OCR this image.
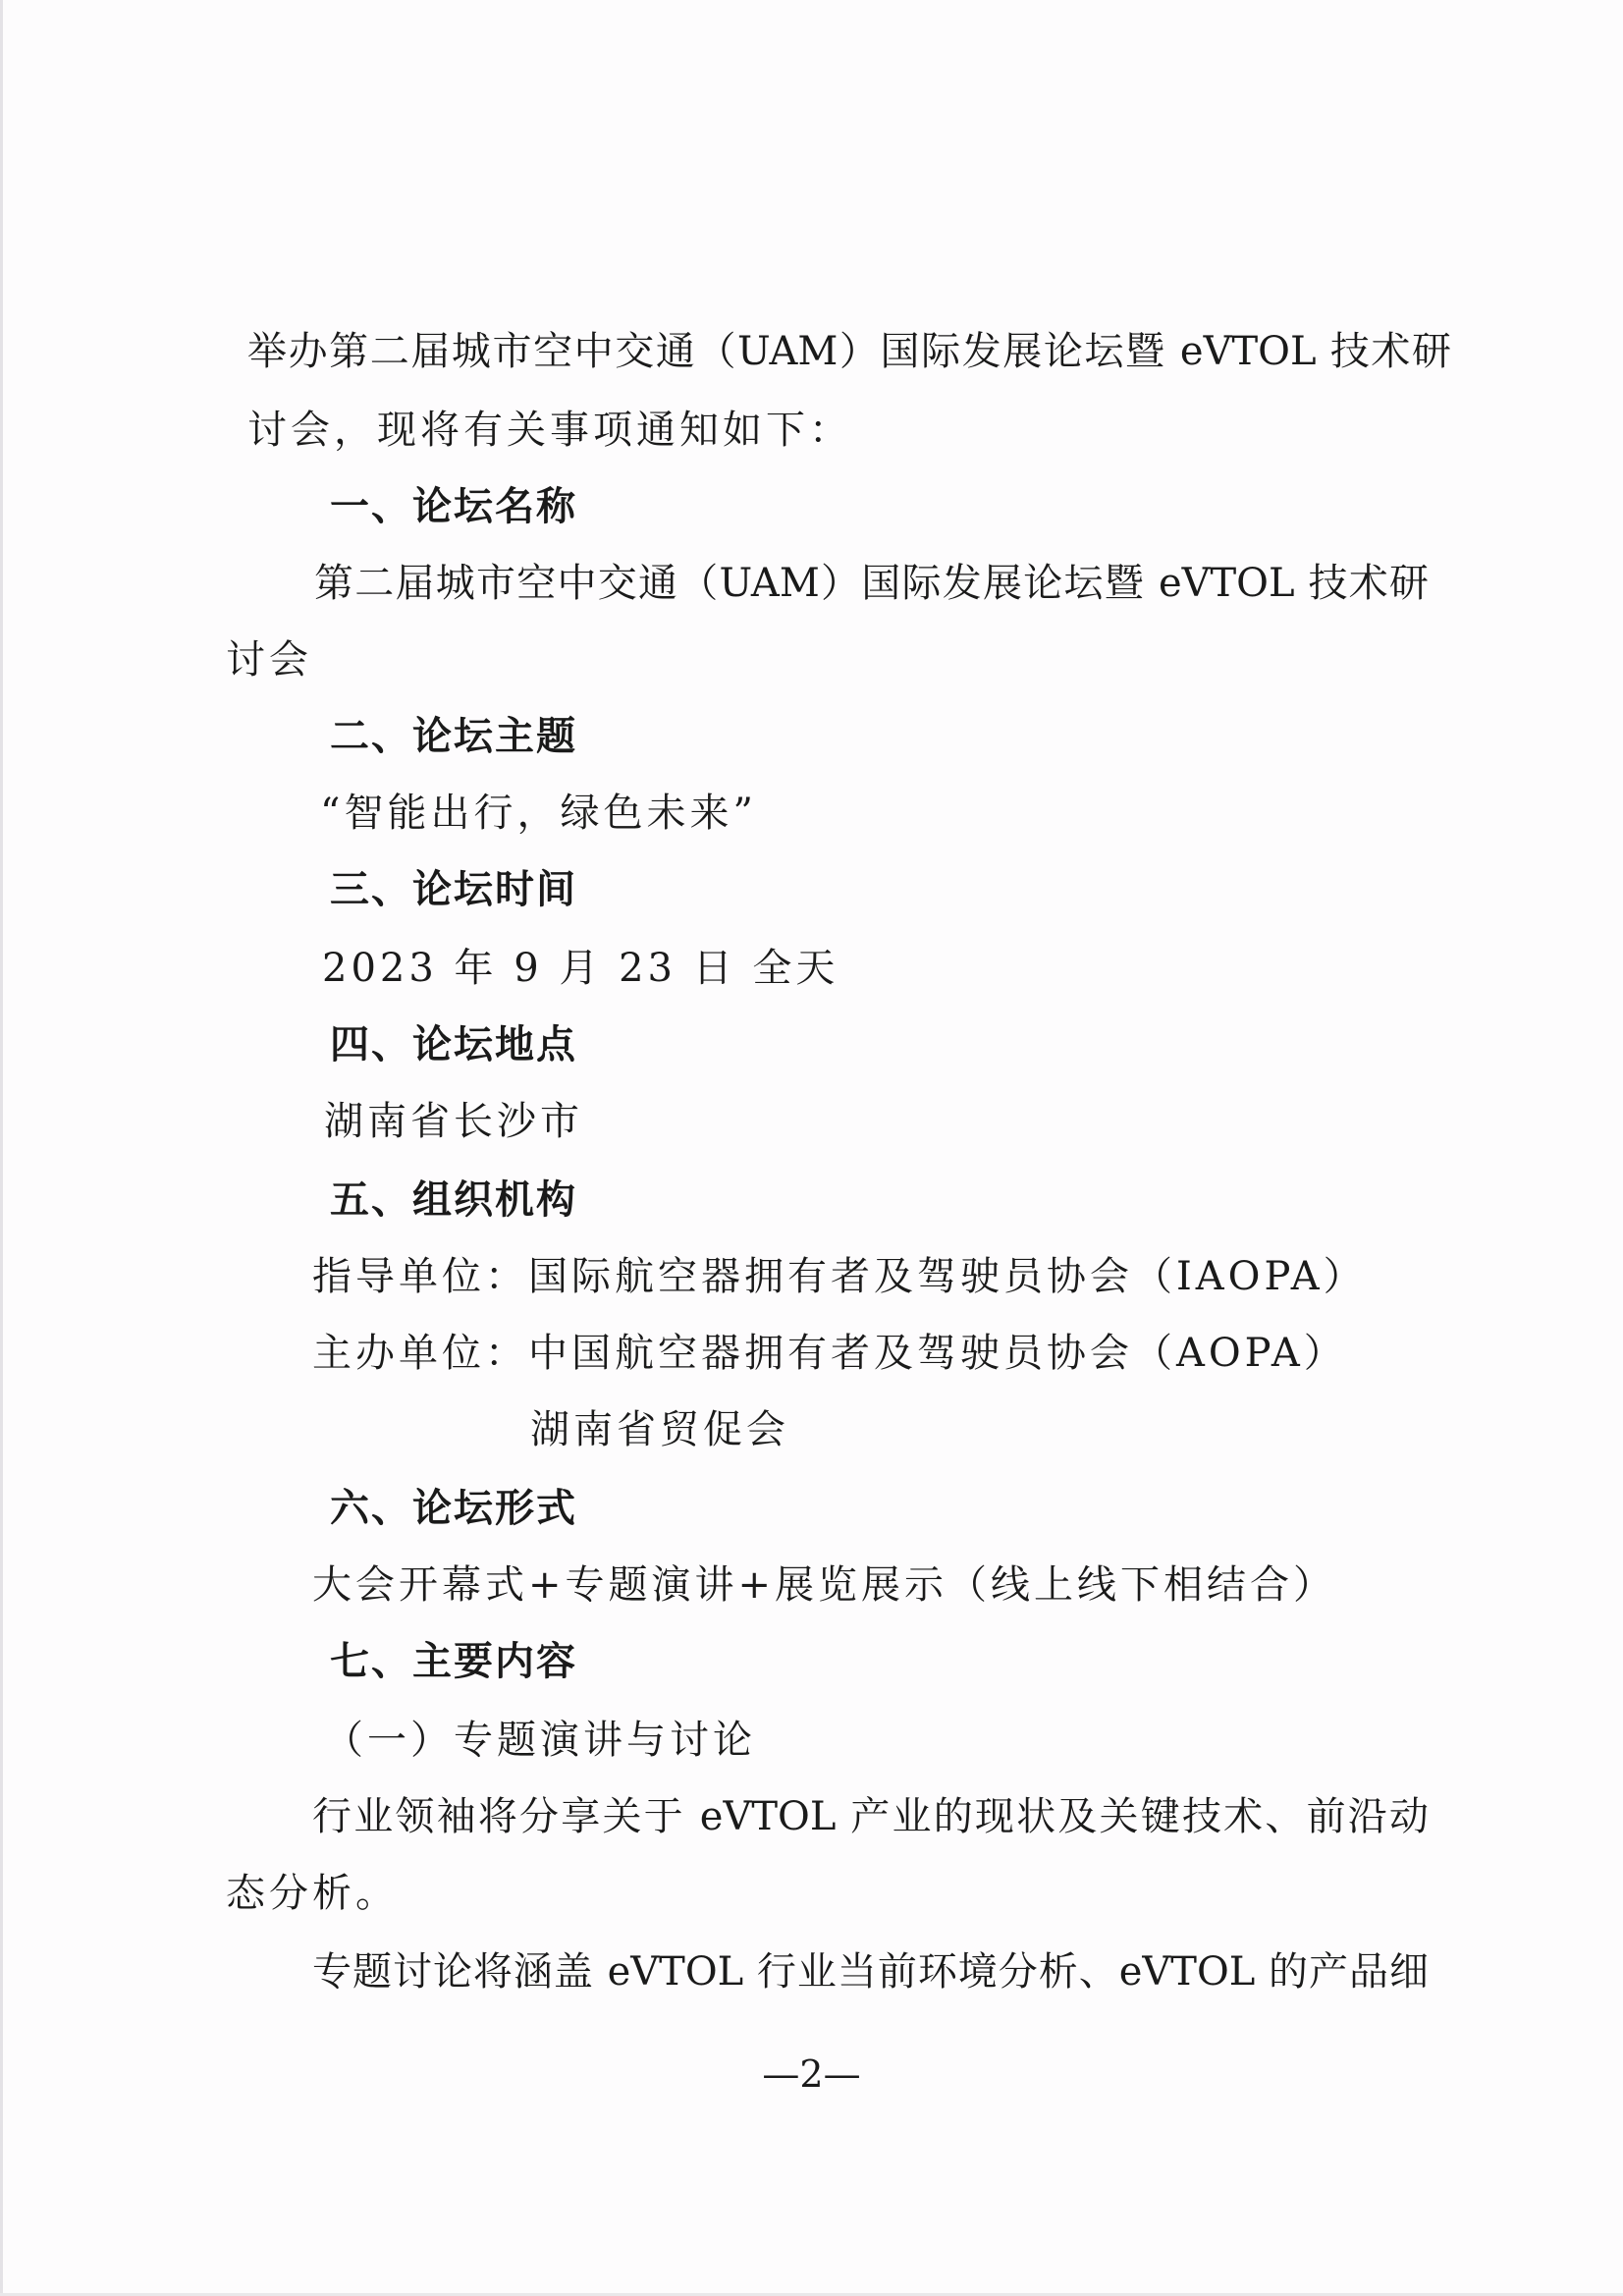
举办第二届城市空中交通（UAM）国际发展论坛暨 eVTOL 技术研
讨会，现将有关事项通知如下：
一、论坛名称
第二届城市空中交通（UAM）国际发展论坛暨 eVTOL 技术研
讨会
二、论坛主题
“智能出行，绿色未来”
三、论坛时间
2023 年 9 月 23 日 全天
四、论坛地点
湖南省长沙市
五、组织机构
指导单位：国际航空器拥有者及驾驶员协会（IAOPA）
主办单位：中国航空器拥有者及驾驶员协会（AOPA）
湖南省贸促会
六、论坛形式
大会开幕式+专题演讲+展览展示（线上线下相结合）
七、主要内容
（一）专题演讲与讨论
行业领袖将分享关于 eVTOL 产业的现状及关键技术、前沿动
态分析。
专题讨论将涵盖 eVTOL 行业当前环境分析、eVTOL 的产品细
—2—
